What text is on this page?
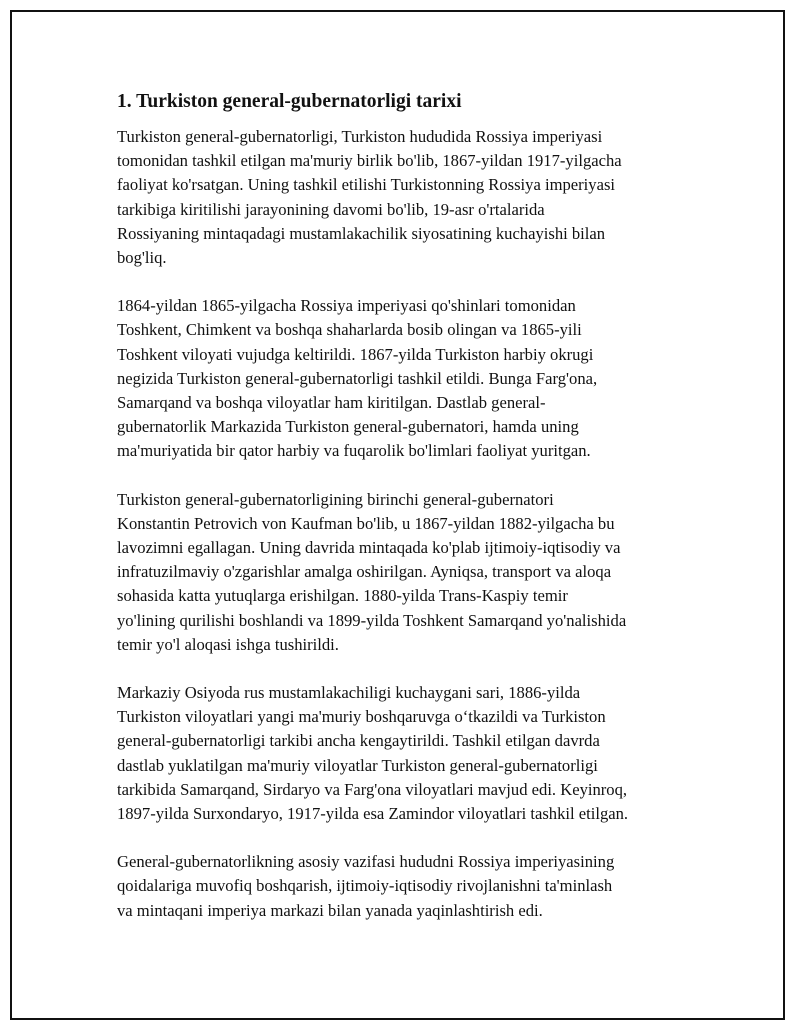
1. Turkiston general-gubernatorligi tarixi
Turkiston general-gubernatorligi, Turkiston hududida Rossiya imperiyasi
tomonidan tashkil etilgan ma'muriy birlik bo'lib, 1867-yildan 1917-yilgacha
faoliyat ko'rsatgan. Uning tashkil etilishi Turkistonning Rossiya imperiyasi
tarkibiga kiritilishi jarayonining davomi bo'lib, 19-asr o'rtalarida
Rossiyaning mintaqadagi mustamlakachilik siyosatining kuchayishi bilan
bog'liq.
1864-yildan 1865-yilgacha Rossiya imperiyasi qo'shinlari tomonidan
Toshkent, Chimkent va boshqa shaharlarda bosib olingan va 1865-yili
Toshkent viloyati vujudga keltirildi. 1867-yilda Turkiston harbiy okrugi
negizida Turkiston general-gubernatorligi tashkil etildi. Bunga Farg'ona,
Samarqand va boshqa viloyatlar ham kiritilgan. Dastlab general-
gubernatorlik Markazida Turkiston general-gubernatori, hamda uning
ma'muriyatida bir qator harbiy va fuqarolik bo'limlari faoliyat yuritgan.
Turkiston general-gubernatorligining birinchi general-gubernatori
Konstantin Petrovich von Kaufman bo'lib, u 1867-yildan 1882-yilgacha bu
lavozimni egallagan. Uning davrida mintaqada ko'plab ijtimoiy-iqtisodiy va
infratuzilmaviy o'zgarishlar amalga oshirilgan. Ayniqsa, transport va aloqa
sohasida katta yutuqlarga erishilgan. 1880-yilda Trans-Kaspiy temir
yo'lining qurilishi boshlandi va 1899-yilda Toshkent Samarqand yo'nalishida
temir yo'l aloqasi ishga tushirildi.
Markaziy Osiyoda rus mustamlakachiligi kuchaygani sari, 1886-yilda
Turkiston viloyatlari yangi ma'muriy boshqaruvga o‘tkazildi va Turkiston
general-gubernatorligi tarkibi ancha kengaytirildi. Tashkil etilgan davrda
dastlab yuklatilgan ma'muriy viloyatlar Turkiston general-gubernatorligi
tarkibida Samarqand, Sirdaryo va Farg'ona viloyatlari mavjud edi. Keyinroq,
1897-yilda Surxondaryo, 1917-yilda esa Zamindor viloyatlari tashkil etilgan.
General-gubernatorlikning asosiy vazifasi hududni Rossiya imperiyasining
qoidalariga muvofiq boshqarish, ijtimoiy-iqtisodiy rivojlanishni ta'minlash
va mintaqani imperiya markazi bilan yanada yaqinlashtirish edi.
